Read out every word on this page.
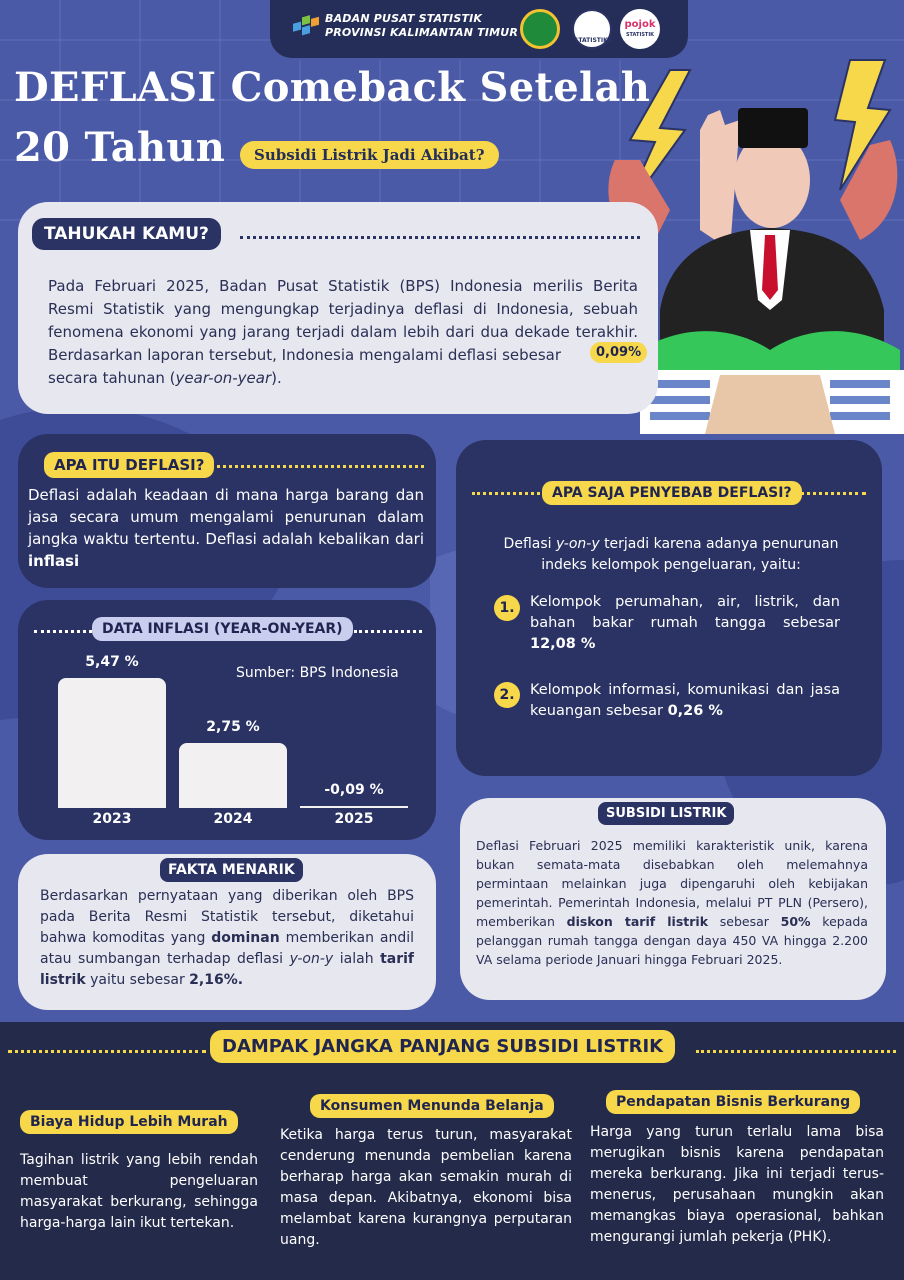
BADAN PUSAT STATISTIK
PROVINSI KALIMANTAN TIMUR
STATISTIKA
pojok
STATISTIK
DEFLASI Comeback Setelah
20 Tahun	Subsidi Listrik Jadi Akibat?
TAHUKAH KAMU?
Pada Februari 2025, Badan Pusat Statistik (BPS) Indonesia merilis Berita Resmi Statistik yang mengungkap terjadinya deflasi di Indonesia, sebuah fenomena ekonomi yang jarang terjadi dalam lebih dari dua dekade terakhir. Berdasarkan laporan tersebut, Indonesia mengalami deflasi sebesar
secara tahunan (year-on-year).
0,09%
APA ITU DEFLASI?
Deflasi adalah keadaan di mana harga barang dan jasa secara umum mengalami penurunan dalam jangka waktu tertentu. Deflasi adalah kebalikan dari inflasi
DATA INFLASI (YEAR-ON-YEAR)
Sumber: BPS Indonesia
5,47 %
2023
2,75 %
2024
-0,09 %
2025
APA SAJA PENYEBAB DEFLASI?
Deflasi y-on-y terjadi karena adanya penurunan indeks kelompok pengeluaran, yaitu:
1.	Kelompok perumahan, air, listrik, dan bahan bakar rumah tangga sebesar 12,08 %
2.	Kelompok informasi, komunikasi dan jasa keuangan sebesar 0,26 %
SUBSIDI LISTRIK
Deflasi Februari 2025 memiliki karakteristik unik, karena bukan semata-mata disebabkan oleh melemahnya permintaan melainkan juga dipengaruhi oleh kebijakan pemerintah. Pemerintah Indonesia, melalui PT PLN (Persero), memberikan diskon tarif listrik sebesar 50% kepada pelanggan rumah tangga dengan daya 450 VA hingga 2.200 VA selama periode Januari hingga Februari 2025.
FAKTA MENARIK
Berdasarkan pernyataan yang diberikan oleh BPS pada Berita Resmi Statistik tersebut, diketahui bahwa komoditas yang dominan memberikan andil atau sumbangan terhadap deflasi y-on-y ialah tarif listrik yaitu sebesar 2,16%.
DAMPAK JANGKA PANJANG SUBSIDI LISTRIK
Biaya Hidup Lebih Murah
Tagihan listrik yang lebih rendah membuat pengeluaran masyarakat berkurang, sehingga harga-harga lain ikut tertekan.
Konsumen Menunda Belanja
Ketika harga terus turun, masyarakat cenderung menunda pembelian karena berharap harga akan semakin murah di masa depan. Akibatnya, ekonomi bisa melambat karena kurangnya perputaran uang.
Pendapatan Bisnis Berkurang
Harga yang turun terlalu lama bisa merugikan bisnis karena pendapatan mereka berkurang. Jika ini terjadi terus-menerus, perusahaan mungkin akan memangkas biaya operasional, bahkan mengurangi jumlah pekerja (PHK).
